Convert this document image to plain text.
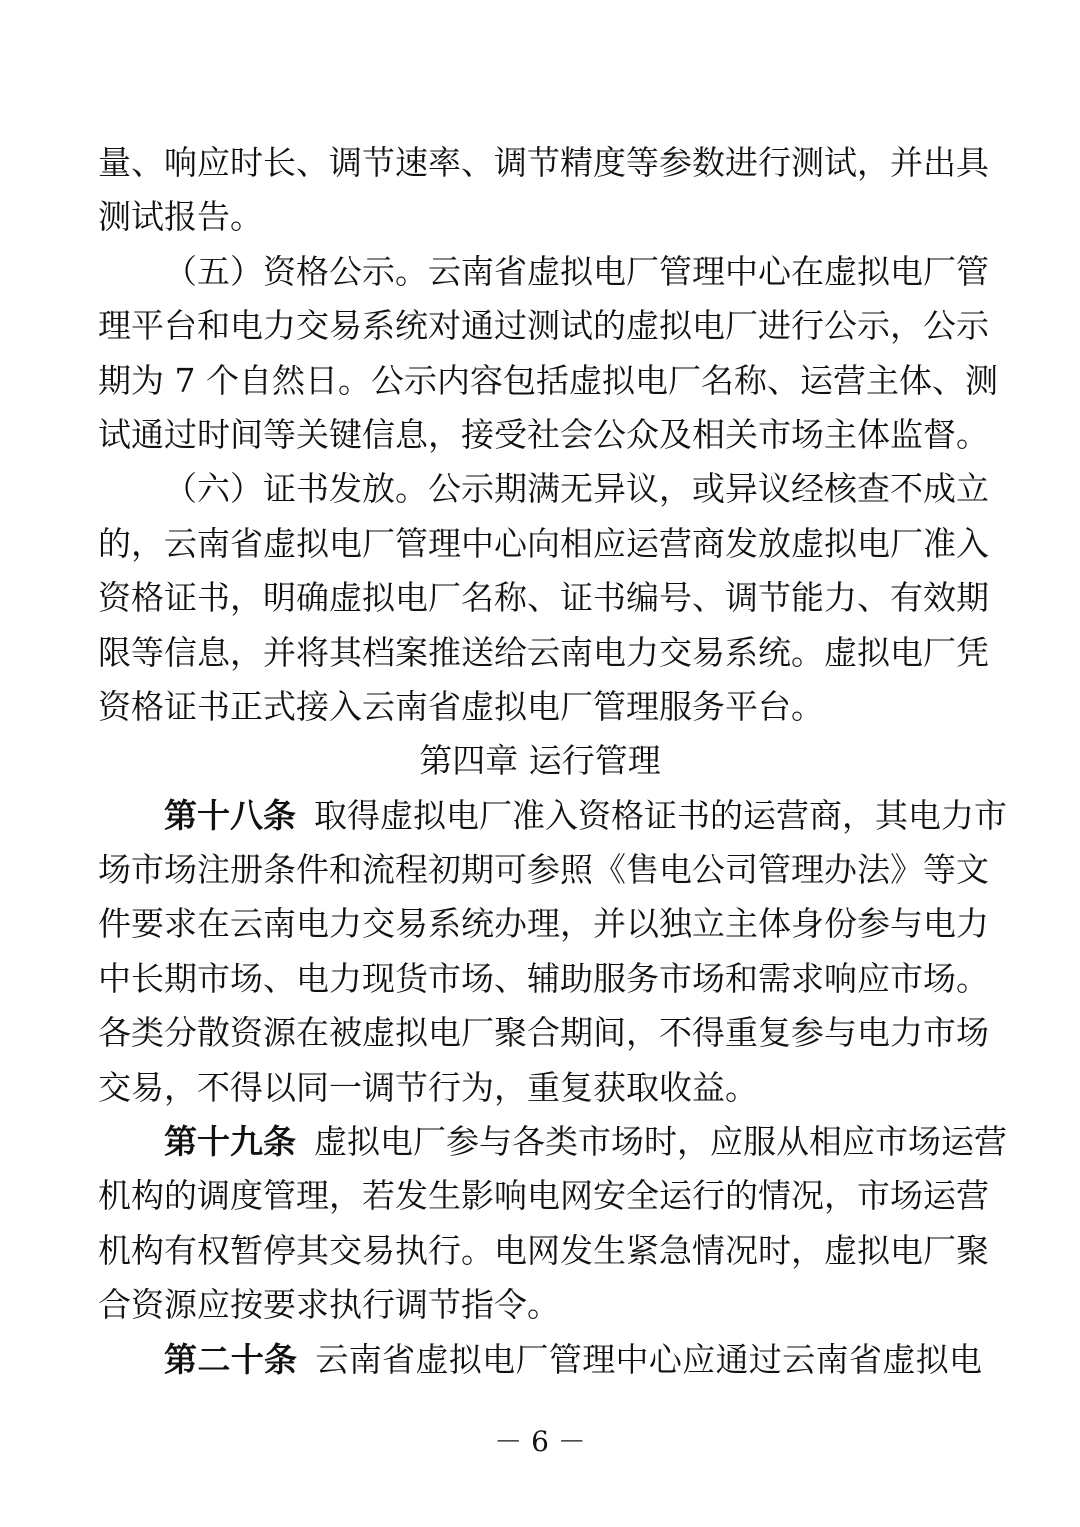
量、响应时长、调节速率、调节精度等参数进行测试，并出具
测试报告。
（五）资格公示。云南省虚拟电厂管理中心在虚拟电厂管
理平台和电力交易系统对通过测试的虚拟电厂进行公示，公示
期为 7 个自然日。公示内容包括虚拟电厂名称、运营主体、测
试通过时间等关键信息，接受社会公众及相关市场主体监督。
（六）证书发放。公示期满无异议，或异议经核查不成立
的，云南省虚拟电厂管理中心向相应运营商发放虚拟电厂准入
资格证书，明确虚拟电厂名称、证书编号、调节能力、有效期
限等信息，并将其档案推送给云南电力交易系统。虚拟电厂凭
资格证书正式接入云南省虚拟电厂管理服务平台。
第四章 运行管理
第十八条 取得虚拟电厂准入资格证书的运营商，其电力市
场市场注册条件和流程初期可参照《售电公司管理办法》等文
件要求在云南电力交易系统办理，并以独立主体身份参与电力
中长期市场、电力现货市场、辅助服务市场和需求响应市场。
各类分散资源在被虚拟电厂聚合期间，不得重复参与电力市场
交易，不得以同一调节行为，重复获取收益。
第十九条 虚拟电厂参与各类市场时，应服从相应市场运营
机构的调度管理，若发生影响电网安全运行的情况，市场运营
机构有权暂停其交易执行。电网发生紧急情况时，虚拟电厂聚
合资源应按要求执行调节指令。
第二十条 云南省虚拟电厂管理中心应通过云南省虚拟电
－ 6 －
